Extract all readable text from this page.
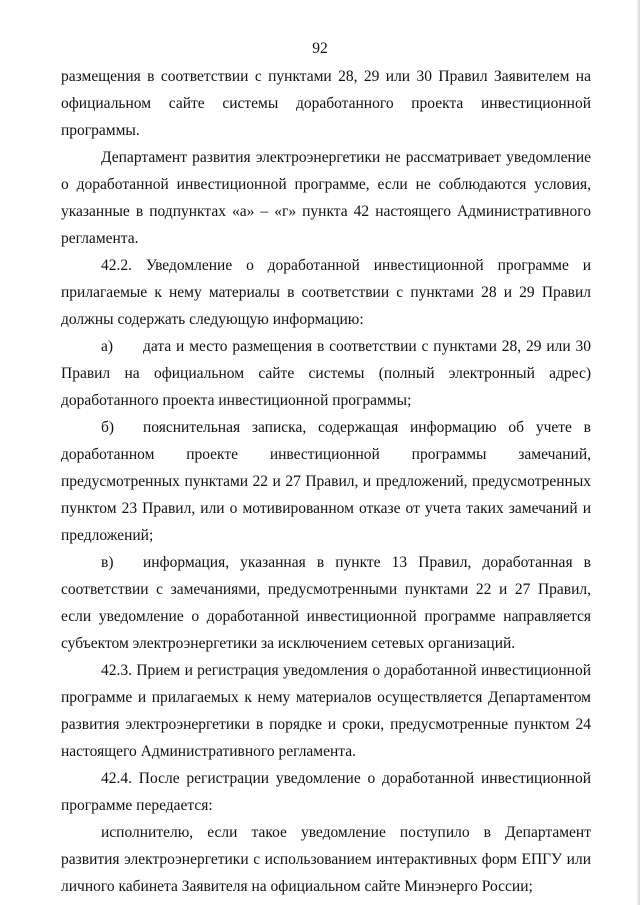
92

размещения в соответствии с пунктами 28, 29 или 30 Правил Заявителем на официальном сайте системы доработанного проекта инвестиционной программы.

Департамент развития электроэнергетики не рассматривает уведомление о доработанной инвестиционной программе, если не соблюдаются условия, указанные в подпунктах «а» – «г» пункта 42 настоящего Административного регламента.

42.2. Уведомление о доработанной инвестиционной программе и прилагаемые к нему материалы в соответствии с пунктами 28 и 29 Правил должны содержать следующую информацию:

а) дата и место размещения в соответствии с пунктами 28, 29 или 30 Правил на официальном сайте системы (полный электронный адрес) доработанного проекта инвестиционной программы;

б) пояснительная записка, содержащая информацию об учете в доработанном проекте инвестиционной программы замечаний, предусмотренных пунктами 22 и 27 Правил, и предложений, предусмотренных пунктом 23 Правил, или о мотивированном отказе от учета таких замечаний и предложений;

в) информация, указанная в пункте 13 Правил, доработанная в соответствии с замечаниями, предусмотренными пунктами 22 и 27 Правил, если уведомление о доработанной инвестиционной программе направляется субъектом электроэнергетики за исключением сетевых организаций.

42.3. Прием и регистрация уведомления о доработанной инвестиционной программе и прилагаемых к нему материалов осуществляется Департаментом развития электроэнергетики в порядке и сроки, предусмотренные пунктом 24 настоящего Административного регламента.

42.4. После регистрации уведомление о доработанной инвестиционной программе передается:

исполнителю, если такое уведомление поступило в Департамент развития электроэнергетики с использованием интерактивных форм ЕПГУ или личного кабинета Заявителя на официальном сайте Минэнерго России;
